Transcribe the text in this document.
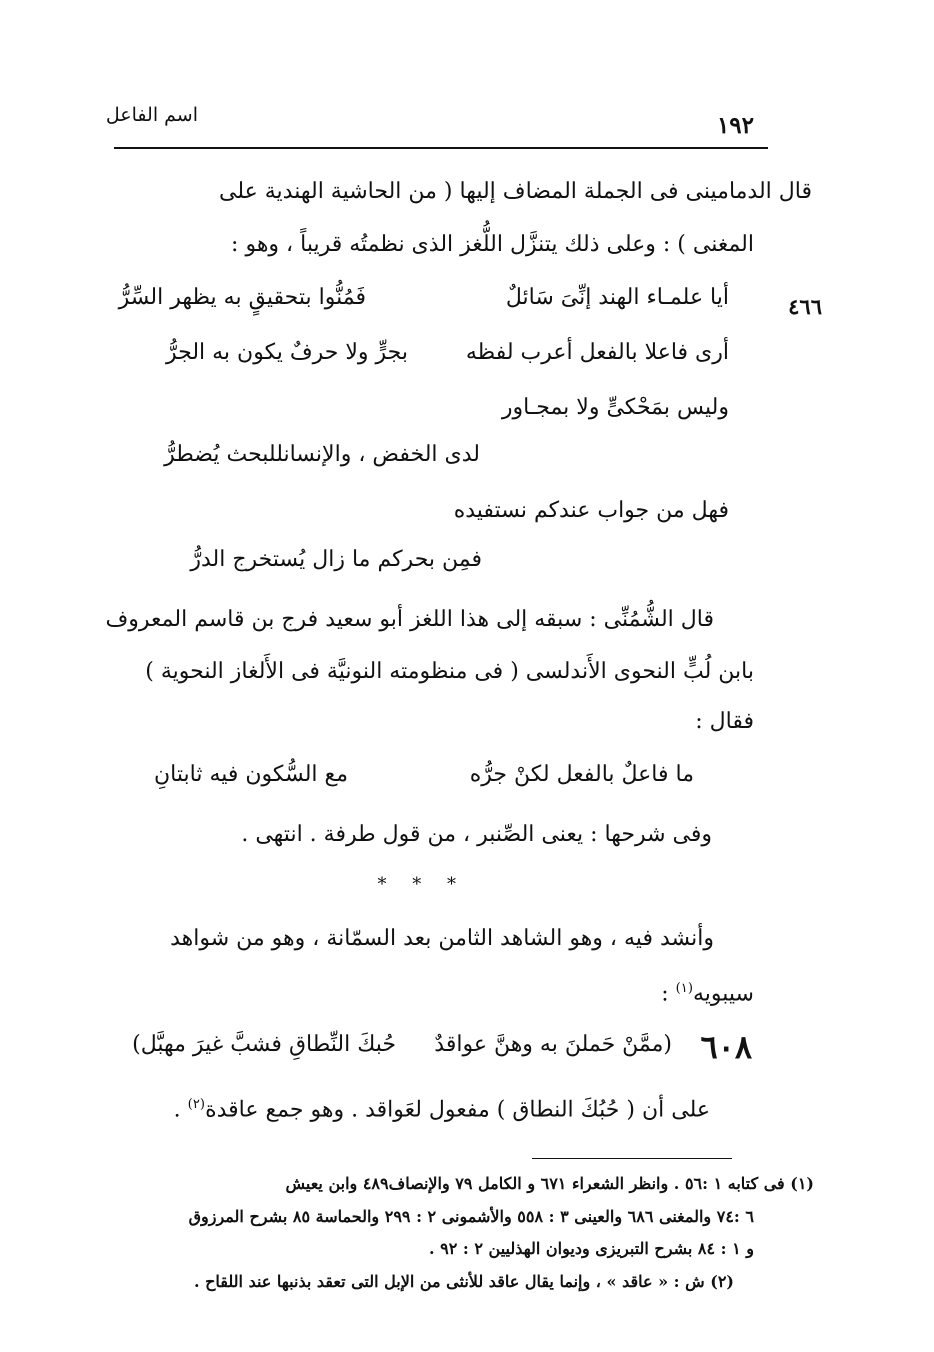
اسم الفاعل	١٩٢
قال الدمامينى فى الجملة المضاف إليها ( من الحاشية الهندية على
المغنى ) : وعلى ذلك يتنزَّل اللُّغز الذى نظمتُه قريباً ، وهو :
٤٦٦
أيا علمـاء الهند إنِّىَ سَائلٌ
فَمُنُّوا بتحقيقٍ به يظهر السِّرُّ
أرى فاعلا بالفعل أعرب لفظه
بجرٍّ ولا حرفٌ يكون به الجرُّ
وليس بمَحْكىٍّ ولا بمجـاور
لدى الخفض ، والإنسانللبحث يُضطرُّ
فهل من جواب عندكم نستفيده
فمِن بحركم ما زال يُستخرج الدرُّ
قال الشُّمُنِّى : سبقه إلى هذا اللغز أبو سعيد فرج بن قاسم المعروف
بابن لُبٍّ النحوى الأَندلسى ( فى منظومته النونيَّة فى الأَلغاز النحوية )
فقال :
ما فاعلٌ بالفعل لكنْ جرُّه
مع السُّكون فيه ثابتانِ
وفى شرحها : يعنى الصِّنبر ، من قول طرفة . انتهى .
* * *
وأنشد فيه ، وهو الشاهد الثامن بعد السمّانة ، وهو من شواهد
سيبويه$^{(١)}$ :
٦٠٨
(ممَّنْ حَملنَ به وهنَّ عواقدٌ
حُبكَ النِّطاقِ فشبَّ غيرَ مهبَّل)
على أن ( حُبُكَ النطاق ) مفعول لعَواقد . وهو جمع عاقدة$^{(٢)}$ .
(١) فى كتابه ١ :٥٦ . وانظر الشعراء ٦٧١ و الكامل ٧٩ والإنصاف٤٨٩ وابن يعيش
٦ :٧٤ والمغنى ٦٨٦ والعينى ٣ : ٥٥٨ والأشمونى ٢ : ٢٩٩ والحماسة ٨٥ بشرح المرزوق
و ١ : ٨٤ بشرح التبريزى وديوان الهذليين ٢ : ٩٢ .
(٢) ش : « عاقد » ، وإنما يقال عاقد للأنثى من الإبل التى تعقد بذنبها عند اللقاح .
